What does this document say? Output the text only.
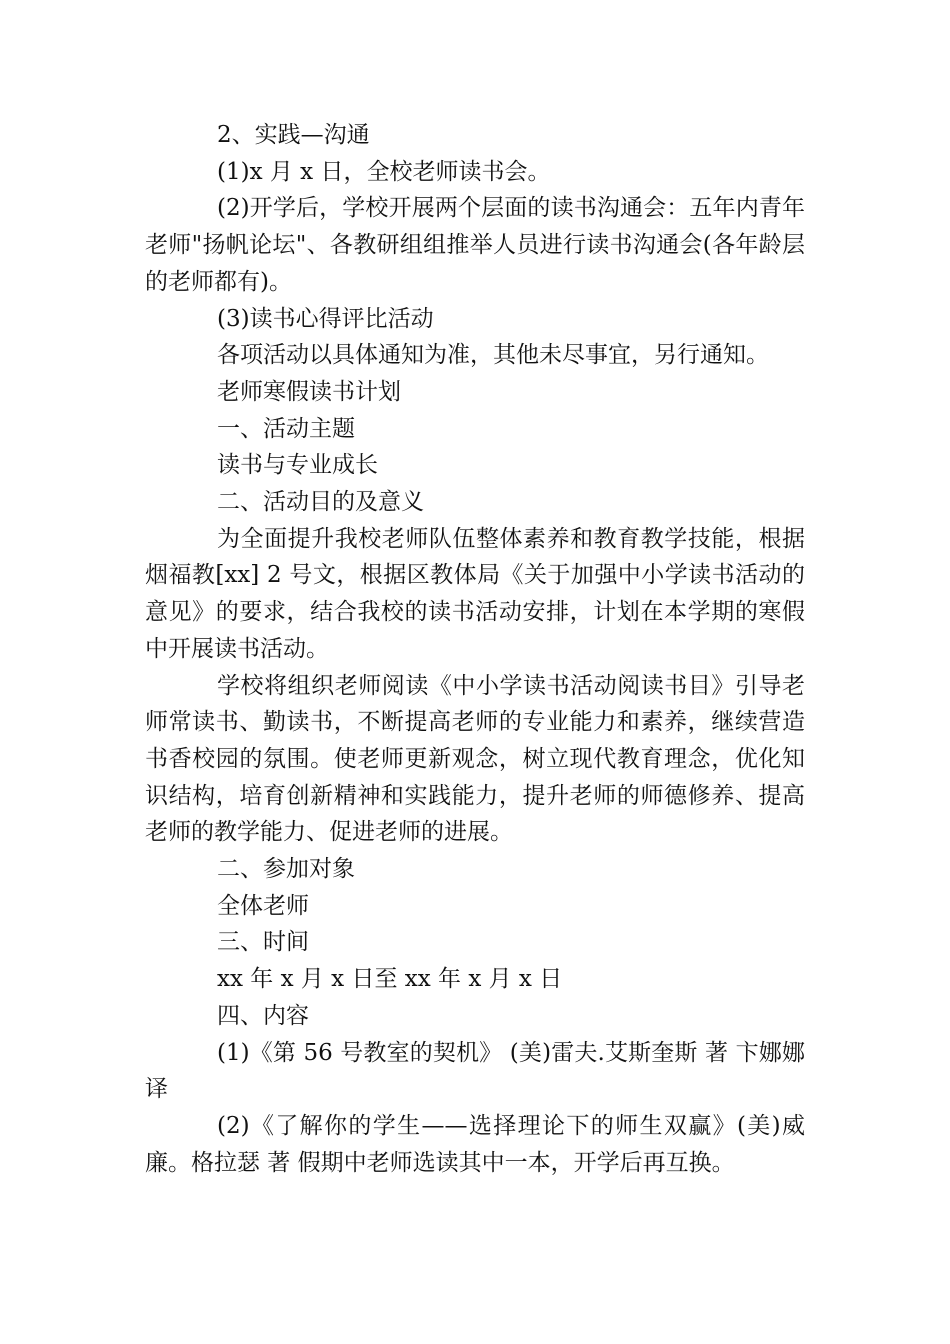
2、实践—沟通

(1)x 月 x 日，全校老师读书会。

(2)开学后，学校开展两个层面的读书沟通会：五年内青年老师"扬帆论坛"、各教研组组推举人员进行读书沟通会(各年龄层的老师都有)。

(3)读书心得评比活动

各项活动以具体通知为准，其他未尽事宜，另行通知。

老师寒假读书计划

一、活动主题

读书与专业成长

二、活动目的及意义

为全面提升我校老师队伍整体素养和教育教学技能，根据烟福教[xx] 2 号文，根据区教体局《关于加强中小学读书活动的意见》的要求，结合我校的读书活动安排，计划在本学期的寒假中开展读书活动。

学校将组织老师阅读《中小学读书活动阅读书目》引导老师常读书、勤读书，不断提高老师的专业能力和素养，继续营造书香校园的氛围。使老师更新观念，树立现代教育理念，优化知识结构，培育创新精神和实践能力，提升老师的师德修养、提高老师的教学能力、促进老师的进展。

二、参加对象

全体老师

三、时间

xx 年 x 月 x 日至 xx 年 x 月 x 日

四、内容

(1)《第 56 号教室的契机》 (美)雷夫.艾斯奎斯 著 卞娜娜 译

(2)《了解你的学生——选择理论下的师生双赢》(美)威廉。格拉瑟 著 假期中老师选读其中一本，开学后再互换。
